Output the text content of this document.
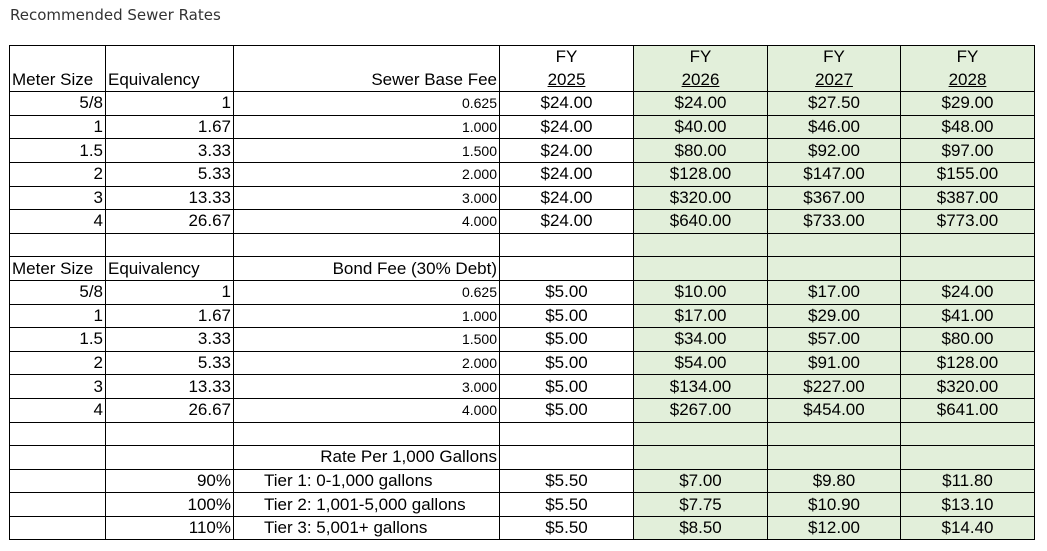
Recommended Sewer Rates
			FY	FY	FY	FY
Meter Size	Equivalency	Sewer Base Fee	2025	2026	2027	2028
5/8	1	0.625	$24.00	$24.00	$27.50	$29.00
1	1.67	1.000	$24.00	$40.00	$46.00	$48.00
1.5	3.33	1.500	$24.00	$80.00	$92.00	$97.00
2	5.33	2.000	$24.00	$128.00	$147.00	$155.00
3	13.33	3.000	$24.00	$320.00	$367.00	$387.00
4	26.67	4.000	$24.00	$640.00	$733.00	$773.00

Meter Size	Equivalency	Bond Fee (30% Debt)				
5/8	1	0.625	$5.00	$10.00	$17.00	$24.00
1	1.67	1.000	$5.00	$17.00	$29.00	$41.00
1.5	3.33	1.500	$5.00	$34.00	$57.00	$80.00
2	5.33	2.000	$5.00	$54.00	$91.00	$128.00
3	13.33	3.000	$5.00	$134.00	$227.00	$320.00
4	26.67	4.000	$5.00	$267.00	$454.00	$641.00

		Rate Per 1,000 Gallons				
	90%	Tier 1: 0-1,000 gallons	$5.50	$7.00	$9.80	$11.80
	100%	Tier 2: 1,001-5,000 gallons	$5.50	$7.75	$10.90	$13.10
	110%	Tier 3: 5,001+ gallons	$5.50	$8.50	$12.00	$14.40
